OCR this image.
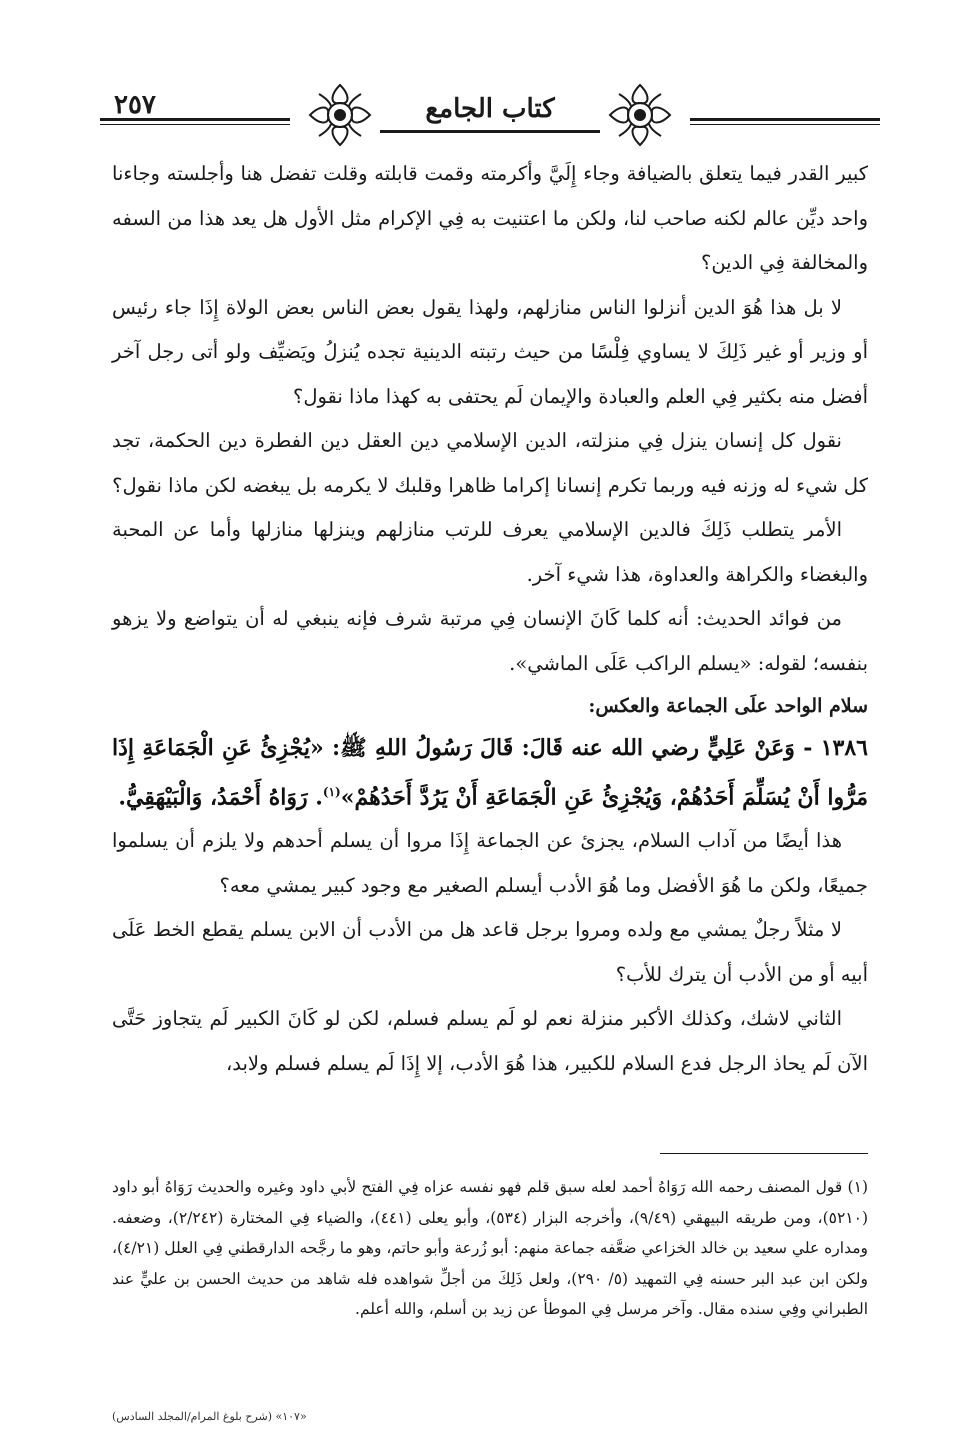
٢٥٧	كتاب الجامع

كبير القدر فيما يتعلق بالضيافة وجاء إِلَيَّ وأكرمته وقمت قابلته وقلت تفضل هنا وأجلسته وجاءنا واحد ديِّن عالم لكنه صاحب لنا، ولكن ما اعتنيت به فِي الإكرام مثل الأول هل يعد هذا من السفه والمخالفة فِي الدين؟

لا بل هذا هُوَ الدين أنزلوا الناس منازلهم، ولهذا يقول بعض الناس بعض الولاة إِذَا جاء رئيس أو وزير أو غير ذَلِكَ لا يساوي فِلْسًا من حيث رتبته الدينية تجده يُنزلُ ويَضيِّف ولو أتى رجل آخر أفضل منه بكثير فِي العلم والعبادة والإيمان لَم يحتفى به كهذا ماذا نقول؟

نقول كل إنسان ينزل فِي منزلته، الدين الإسلامي دين العقل دين الفطرة دين الحكمة، تجد كل شيء له وزنه فيه وربما تكرم إنسانا إكراما ظاهرا وقلبك لا يكرمه بل يبغضه لكن ماذا نقول؟

الأمر يتطلب ذَلِكَ فالدين الإسلامي يعرف للرتب منازلهم وينزلها منازلها وأما عن المحبة والبغضاء والكراهة والعداوة، هذا شيء آخر.

من فوائد الحديث: أنه كلما كَانَ الإنسان فِي مرتبة شرف فإنه ينبغي له أن يتواضع ولا يزهو بنفسه؛ لقوله: «يسلم الراكب عَلَى الماشي».

سلام الواحد علَى الجماعة والعكس:

١٣٨٦ - وَعَنْ عَلِيٍّ رضي الله عنه قَالَ: قَالَ رَسُولُ اللهِ ﷺ: «يُجْزِئُ عَنِ الْجَمَاعَةِ إِذَا مَرُّوا أَنْ يُسَلِّمَ أَحَدُهُمْ، وَيُجْزِئُ عَنِ الْجَمَاعَةِ أَنْ يَرُدَّ أَحَدُهُمْ»$^{(١)}$. رَوَاهُ أَحْمَدُ، وَالْبَيْهَقِيُّ.

هذا أيضًا من آداب السلام، يجزئ عن الجماعة إِذَا مروا أن يسلم أحدهم ولا يلزم أن يسلموا جميعًا، ولكن ما هُوَ الأفضل وما هُوَ الأدب أيسلم الصغير مع وجود كبير يمشي معه؟

لا مثلاً رجلٌ يمشي مع ولده ومروا برجل قاعد هل من الأدب أن الابن يسلم يقطع الخط عَلَى أبيه أو من الأدب أن يترك للأب؟

الثاني لاشك، وكذلك الأكبر منزلة نعم لو لَم يسلم فسلم، لكن لو كَانَ الكبير لَم يتجاوز حَتَّى الآن لَم يحاذ الرجل فدع السلام للكبير، هذا هُوَ الأدب، إلا إِذَا لَم يسلم فسلم ولابد،

(١) قول المصنف رحمه الله رَوَاهُ أحمد لعله سبق قلم فهو نفسه عزاه فِي الفتح لأبي داود وغيره والحديث رَوَاهُ أبو داود (٥٢١٠)، ومن طريقه البيهقي (٩/٤٩)، وأخرجه البزار (٥٣٤)، وأبو يعلى (٤٤١)، والضياء فِي المختارة (٢/٢٤٢)، وضعفه. ومداره علي سعيد بن خالد الخزاعي ضعَّفه جماعة منهم: أبو زُرعة وأبو حاتم، وهو ما رجَّحه الدارقطني فِي العلل (٤/٢١)، ولكن ابن عبد البر حسنه فِي التمهيد (٥/ ٢٩٠)، ولعل ذَلِكَ من أجلِّ شواهده فله شاهد من حديث الحسن بن عليٍّ عند الطبراني وفِي سنده مقال. وآخر مرسل فِي الموطأ عن زيد بن أسلم، والله أعلم.

«١٠٧» (شرح بلوغ المرام/المجلد السادس)
